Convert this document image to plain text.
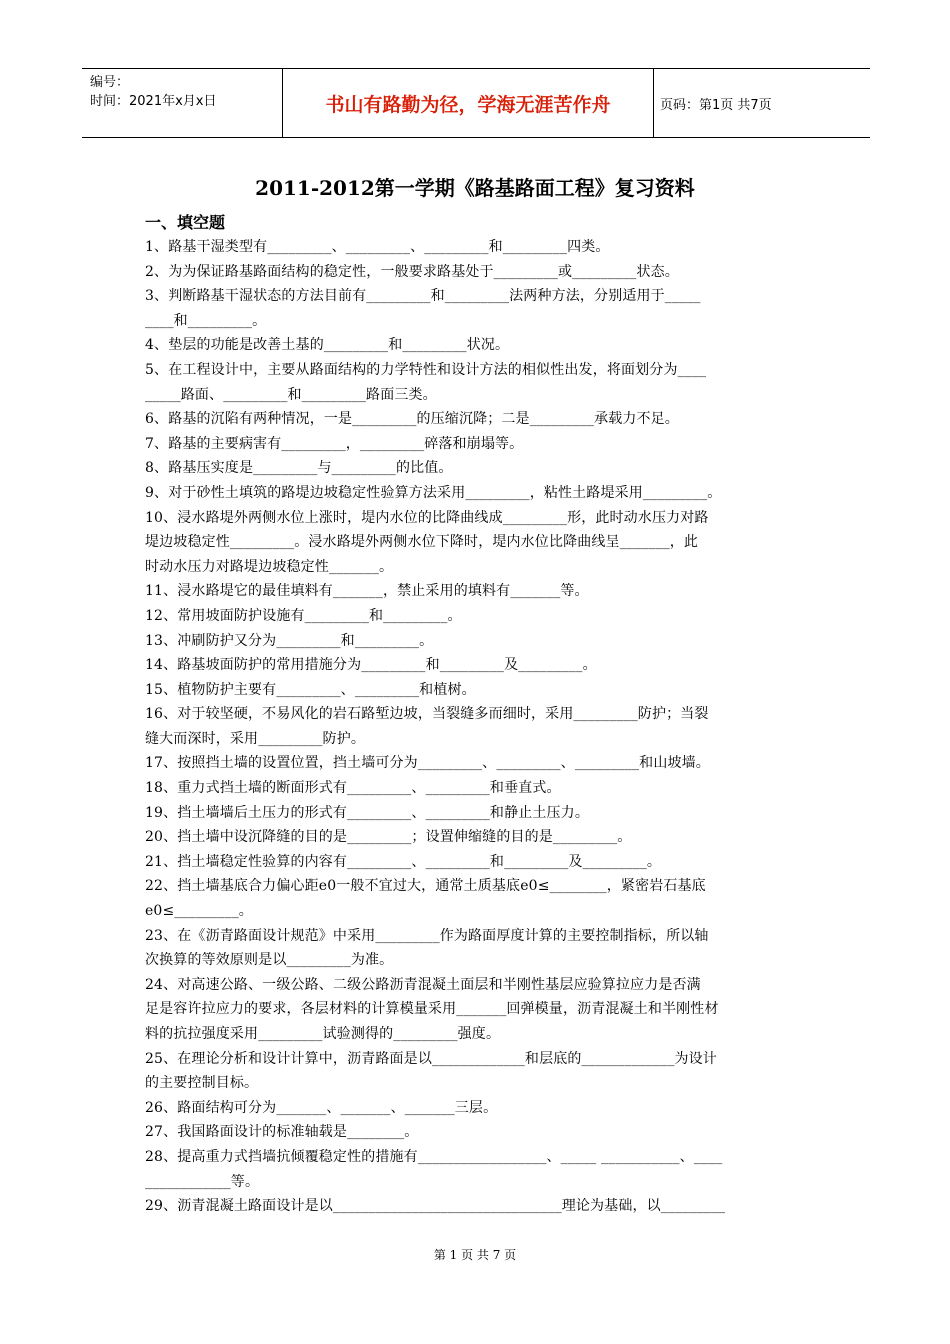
编号：
时间：2021年x月x日	书山有路勤为径，学海无涯苦作舟	页码：第1页 共7页
2011-2012第一学期《路基路面工程》复习资料
一、填空题

1、路基干湿类型有_________、_________、_________和_________四类。

2、为为保证路基路面结构的稳定性，一般要求路基处于_________或_________状态。

3、判断路基干湿状态的方法目前有_________和_________法两种方法，分别适用于_____

____和_________。

4、垫层的功能是改善土基的_________和_________状况。

5、在工程设计中，主要从路面结构的力学特性和设计方法的相似性出发，将面划分为____

_____路面、_________和_________路面三类。

6、路基的沉陷有两种情况，一是_________的压缩沉降；二是_________承载力不足。

7、路基的主要病害有_________，_________碎落和崩塌等。

8、路基压实度是_________与_________的比值。

9、对于砂性土填筑的路堤边坡稳定性验算方法采用_________，粘性土路堤采用_________。

10、浸水路堤外两侧水位上涨时，堤内水位的比降曲线成_________形，此时动水压力对路

堤边坡稳定性_________。浸水路堤外两侧水位下降时，堤内水位比降曲线呈_______，此

时动水压力对路堤边坡稳定性_______。

11、浸水路堤它的最佳填料有_______，禁止采用的填料有_______等。

12、常用坡面防护设施有_________和_________。

13、冲刷防护又分为_________和_________。

14、路基坡面防护的常用措施分为_________和_________及_________。

15、植物防护主要有_________、_________和植树。

16、对于较坚硬，不易风化的岩石路堑边坡，当裂缝多而细时，采用_________防护；当裂

缝大而深时，采用_________防护。

17、按照挡土墙的设置位置，挡土墙可分为_________、_________、_________和山坡墙。

18、重力式挡土墙的断面形式有_________、_________和垂直式。

19、挡土墙墙后土压力的形式有_________、_________和静止土压力。

20、挡土墙中设沉降缝的目的是_________；设置伸缩缝的目的是_________。

21、挡土墙稳定性验算的内容有_________、_________和_________及_________。

22、挡土墙基底合力偏心距e0一般不宜过大，通常土质基底e0≤________，紧密岩石基底

e0≤_________。

23、在《沥青路面设计规范》中采用_________作为路面厚度计算的主要控制指标，所以轴

次换算的等效原则是以_________为准。

24、对高速公路、一级公路、二级公路沥青混凝土面层和半刚性基层应验算拉应力是否满

足是容许拉应力的要求，各层材料的计算模量采用_______回弹模量，沥青混凝土和半刚性材

料的抗拉强度采用_________试验测得的_________强度。

25、在理论分析和设计计算中，沥青路面是以_____________和层底的_____________为设计

的主要控制目标。

26、路面结构可分为_______、_______、_______三层。

27、我国路面设计的标准轴载是________。

28、提高重力式挡墙抗倾覆稳定性的措施有__________________、_____ ___________、____

____________等。

29、沥青混凝土路面设计是以________________________________理论为基础，以_________

第 1 页 共 7 页
